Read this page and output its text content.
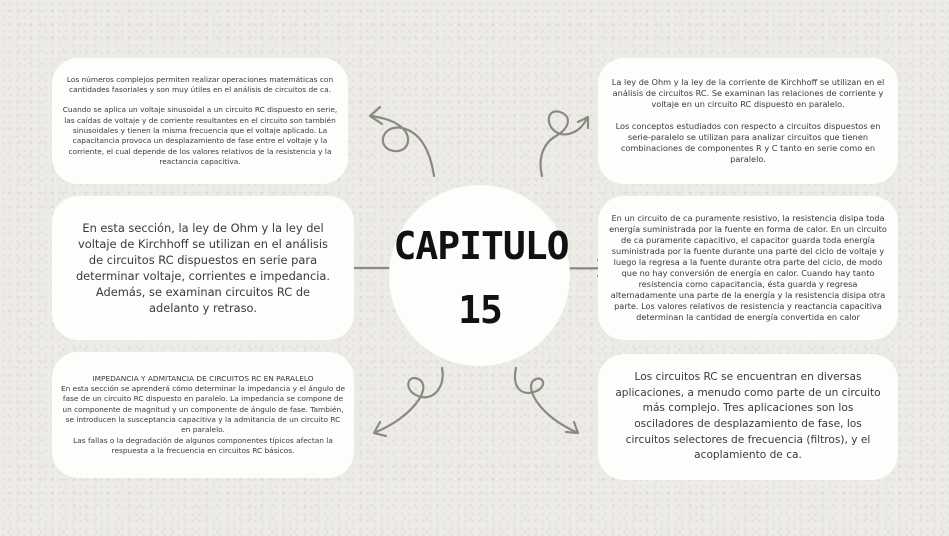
CAPITULO
15

Los números complejos permiten realizar operaciones matemáticas con cantidades fasoriales y son muy útiles en el análisis de circuitos de ca.

Cuando se aplica un voltaje sinusoidal a un circuito RC dispuesto en serie, las caídas de voltaje y de corriente resultantes en el circuito son también sinusoidales y tienen la misma frecuencia que el voltaje aplicado. La capacitancia provoca un desplazamiento de fase entre el voltaje y la corriente, el cual depende de los valores relativos de la resistencia y la reactancia capacitiva.

En esta sección, la ley de Ohm y la ley del voltaje de Kirchhoff se utilizan en el análisis de circuitos RC dispuestos en serie para determinar voltaje, corrientes e impedancia. Además, se examinan circuitos RC de adelanto y retraso.

IMPEDANCIA Y ADMITANCIA DE CIRCUITOS RC EN PARALELO

En esta sección se aprenderá cómo determinar la impedancia y el ángulo de fase de un circuito RC dispuesto en paralelo. La impedancia se compone de un componente de magnitud y un componente de ángulo de fase. También, se introducen la susceptancia capacitiva y la admitancia de un circuito RC en paralelo.

Las fallas o la degradación de algunos componentes típicos afectan la respuesta a la frecuencia en circuitos RC básicos.

La ley de Ohm y la ley de la corriente de Kirchhoff se utilizan en el análisis de circuitos RC. Se examinan las relaciones de corriente y voltaje en un circuito RC dispuesto en paralelo.

Los conceptos estudiados con respecto a circuitos dispuestos en serie-paralelo se utilizan para analizar circuitos que tienen combinaciones de componentes R y C tanto en serie como en paralelo.

En un circuito de ca puramente resistivo, la resistencia disipa toda energía suministrada por la fuente en forma de calor. En un circuito de ca puramente capacitivo, el capacitor guarda toda energía suministrada por la fuente durante una parte del ciclo de voltaje y luego la regresa a la fuente durante otra parte del ciclo, de modo que no hay conversión de energía en calor. Cuando hay tanto resistencia como capacitancia, ésta guarda y regresa alternadamente una parte de la energía y la resistencia disipa otra parte. Los valores relativos de resistencia y reactancia capacitiva determinan la cantidad de energía convertida en calor

Los circuitos RC se encuentran en diversas aplicaciones, a menudo como parte de un circuito más complejo. Tres aplicaciones son los osciladores de desplazamiento de fase, los circuitos selectores de frecuencia (filtros), y el acoplamiento de ca.
